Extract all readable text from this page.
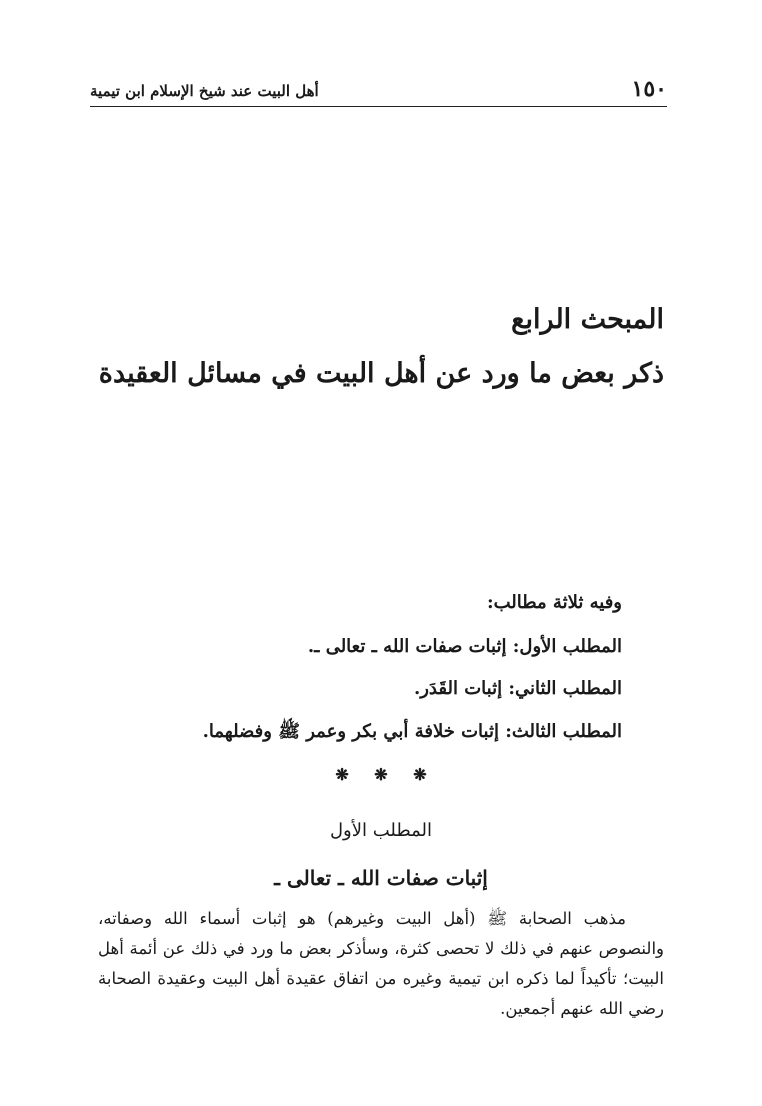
١٥٠
أهل البيت عند شيخ الإسلام ابن تيمية
المبحث الرابع
ذكر بعض ما ورد عن أهل البيت في مسائل العقيدة
وفيه ثلاثة مطالب:
المطلب الأول: إثبات صفات الله ـ تعالى ـ.
المطلب الثاني: إثبات القَدَر.
المطلب الثالث: إثبات خلافة أبي بكر وعمر ﷺ وفضلهما.
❋ ❋ ❋
المطلب الأول
إثبات صفات الله ـ تعالى ـ

مذهب الصحابة ﷺ (أهل البيت وغيرهم) هو إثبات أسماء الله وصفاته، والنصوص عنهم في ذلك لا تحصى كثرة، وسأذكر بعض ما ورد في ذلك عن أئمة أهل البيت؛ تأكيداً لما ذكره ابن تيمية وغيره من اتفاق عقيدة أهل البيت وعقيدة الصحابة رضي الله عنهم أجمعين.
